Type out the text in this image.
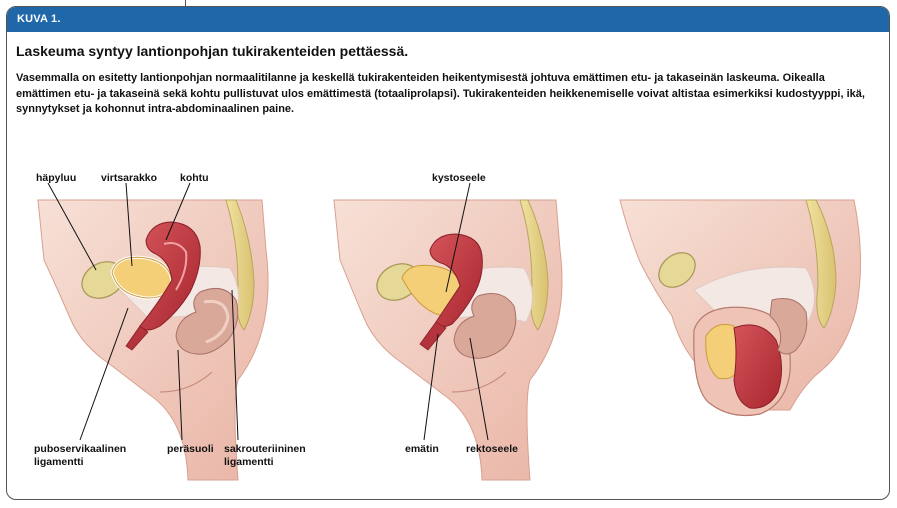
KUVA 1.
Laskeuma syntyy lantionpohjan tukirakenteiden pettäessä.

Vasemmalla on esitetty lantionpohjan normaalitilanne ja keskellä tukirakenteiden heikentymisestä johtuva emättimen etu- ja takaseinän laskeuma. Oikealla emättimen etu- ja takaseinä sekä kohtu pullistuvat ulos emättimestä (totaaliprolapsi). Tukirakenteiden heikkenemiselle voivat altistaa esimerkiksi kudostyyppi, ikä, synnytykset ja kohonnut intra-abdominaalinen paine.

häpyluu virtsarakko kohtu	kystoseele
puboservikaalinen
ligamentti
peräsuoli sakrouteriininen
ligamentti
emätin	rektoseele
